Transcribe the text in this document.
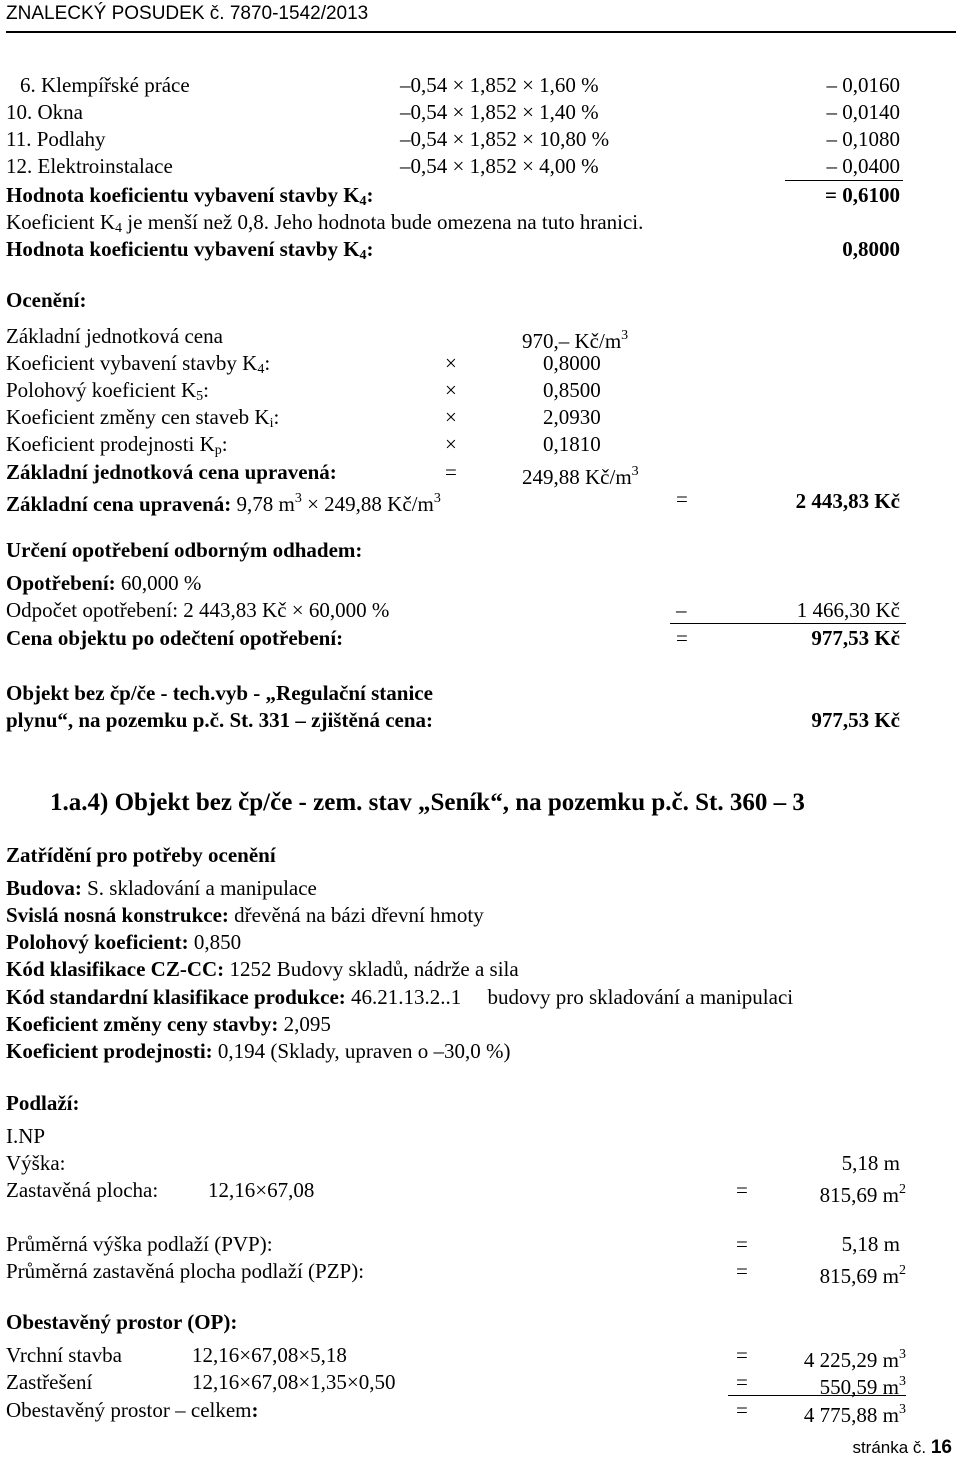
ZNALECKÝ POSUDEK č. 7870-1542/2013
6. Klempířské práce	–0,54 × 1,852 × 1,60 %	– 0,0160
10. Okna	–0,54 × 1,852 × 1,40 %	– 0,0140
11. Podlahy	–0,54 × 1,852 × 10,80 %	– 0,1080
12. Elektroinstalace	–0,54 × 1,852 × 4,00 %	– 0,0400
Hodnota koeficientu vybavení stavby $K_4$:	= 0,6100
Koeficient $K_4$ je menší než 0,8. Jeho hodnota bude omezena na tuto hranici.
Hodnota koeficientu vybavení stavby $K_4$:	0,8000
Ocenění:
Základní jednotková cena	970,– $Kč/m^3$
Koeficient vybavení stavby $K_4$:	×	0,8000
Polohový koeficient $K_5$:	×	0,8500
Koeficient změny cen staveb $K_i$:	×	2,0930
Koeficient prodejnosti $K_p$:	×	0,1810
Základní jednotková cena upravená:	=	249,88 $Kč/m^3$
Základní cena upravená: 9,78 $m^3 \times 249,88$ $Kč/m^3$	=	2 443,83 Kč
Určení opotřebení odborným odhadem:
Opotřebení: 60,000 %
Odpočet opotřebení: 2 443,83 Kč × 60,000 %	–	1 466,30 Kč
Cena objektu po odečtení opotřebení:	=	977,53 Kč
Objekt bez čp/če - tech.vyb - „Regulační stanice
plynu“, na pozemku p.č. St. 331 – zjištěná cena:	977,53 Kč
1.a.4) Objekt bez čp/če - zem. stav „Seník“, na pozemku p.č. St. 360 – 3
Zatřídění pro potřeby ocenění
Budova: S. skladování a manipulace
Svislá nosná konstrukce: dřevěná na bázi dřevní hmoty
Polohový koeficient: 0,850
Kód klasifikace CZ-CC: 1252 Budovy skladů, nádrže a sila
Kód standardní klasifikace produkce: 46.21.13.2..1     budovy pro skladování a manipulaci
Koeficient změny ceny stavby: 2,095
Koeficient prodejnosti: 0,194 (Sklady, upraven o –30,0 %)
Podlaží:
I.NP
Výška:	5,18 m
Zastavěná plocha: 12,16×67,08	=	815,69 $m^2$
Průměrná výška podlaží (PVP):	=	5,18 m
Průměrná zastavěná plocha podlaží (PZP):	=	815,69 $m^2$
Obestavěný prostor (OP):
Vrchní stavba	12,16×67,08×5,18	=	4 225,29 $m^3$
Zastřešení	12,16×67,08×1,35×0,50	=	550,59 $m^3$
Obestavěný prostor – celkem:	=	4 775,88 $m^3$
stránka č. 16
